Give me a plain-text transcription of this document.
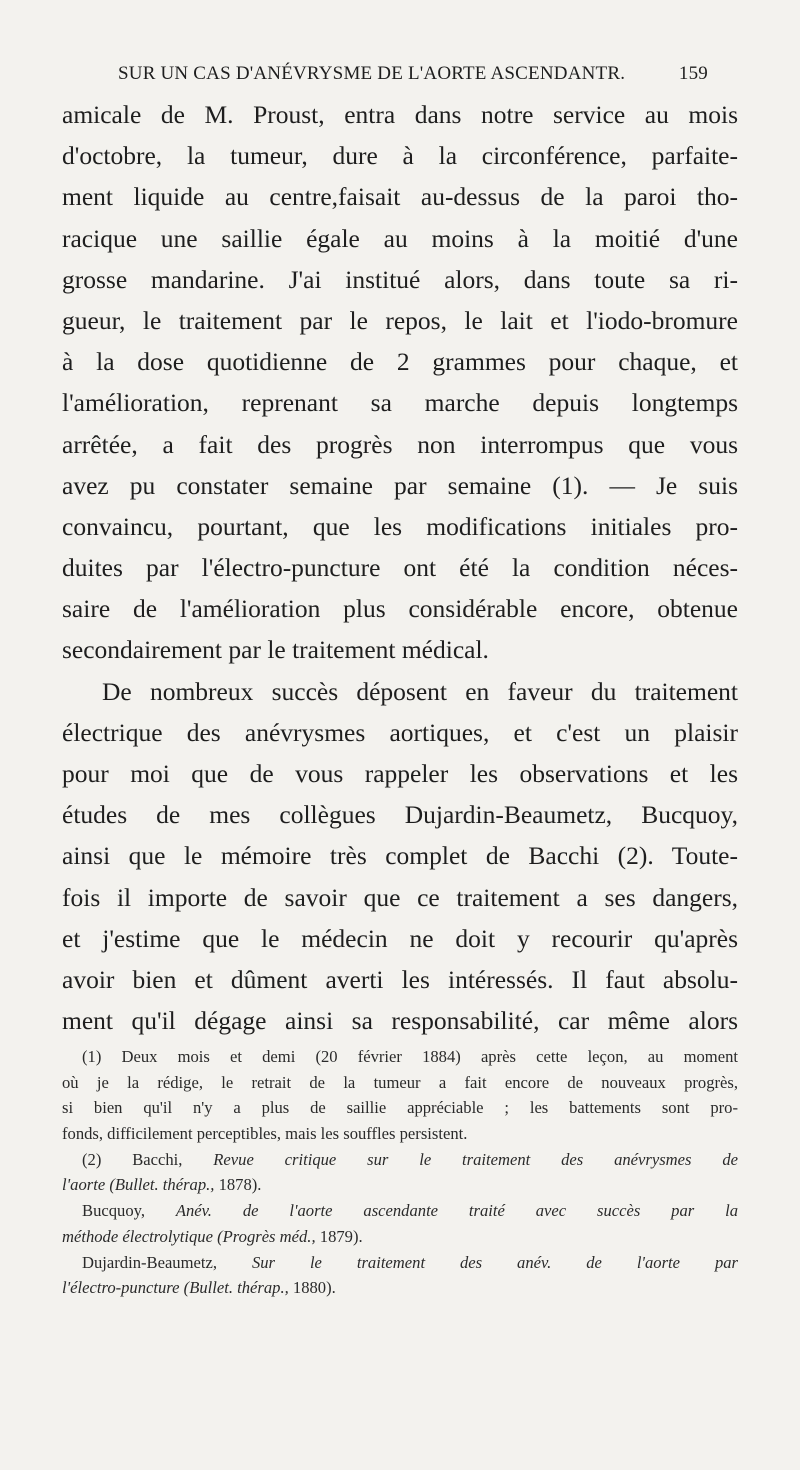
SUR UN CAS D'ANÉVRYSME DE L'AORTE ASCENDANTR.	159
amicale de M. Proust, entra dans notre service au mois
d'octobre, la tumeur, dure à la circonférence, parfaite-
ment liquide au centre,faisait au-dessus de la paroi tho-
racique une saillie égale au moins à la moitié d'une
grosse mandarine. J'ai institué alors, dans toute sa ri-
gueur, le traitement par le repos, le lait et l'iodo-bromure
à la dose quotidienne de 2 grammes pour chaque, et
l'amélioration, reprenant sa marche depuis longtemps
arrêtée, a fait des progrès non interrompus que vous
avez pu constater semaine par semaine (1). — Je suis
convaincu, pourtant, que les modifications initiales pro-
duites par l'électro-puncture ont été la condition néces-
saire de l'amélioration plus considérable encore, obtenue
secondairement par le traitement médical.
De nombreux succès déposent en faveur du traitement
électrique des anévrysmes aortiques, et c'est un plaisir
pour moi que de vous rappeler les observations et les
études de mes collègues Dujardin-Beaumetz, Bucquoy,
ainsi que le mémoire très complet de Bacchi (2). Toute-
fois il importe de savoir que ce traitement a ses dangers,
et j'estime que le médecin ne doit y recourir qu'après
avoir bien et dûment averti les intéressés. Il faut absolu-
ment qu'il dégage ainsi sa responsabilité, car même alors
(1) Deux mois et demi (20 février 1884) après cette leçon, au moment
où je la rédige, le retrait de la tumeur a fait encore de nouveaux progrès,
si bien qu'il n'y a plus de saillie appréciable ; les battements sont pro-
fonds, difficilement perceptibles, mais les souffles persistent.
(2) Bacchi, Revue critique sur le traitement des anévrysmes de
l'aorte (Bullet. thérap., 1878).
Bucquoy, Anév. de l'aorte ascendante traité avec succès par la
méthode électrolytique (Progrès méd., 1879).
Dujardin-Beaumetz, Sur le traitement des anév. de l'aorte par
l'électro-puncture (Bullet. thérap., 1880).
